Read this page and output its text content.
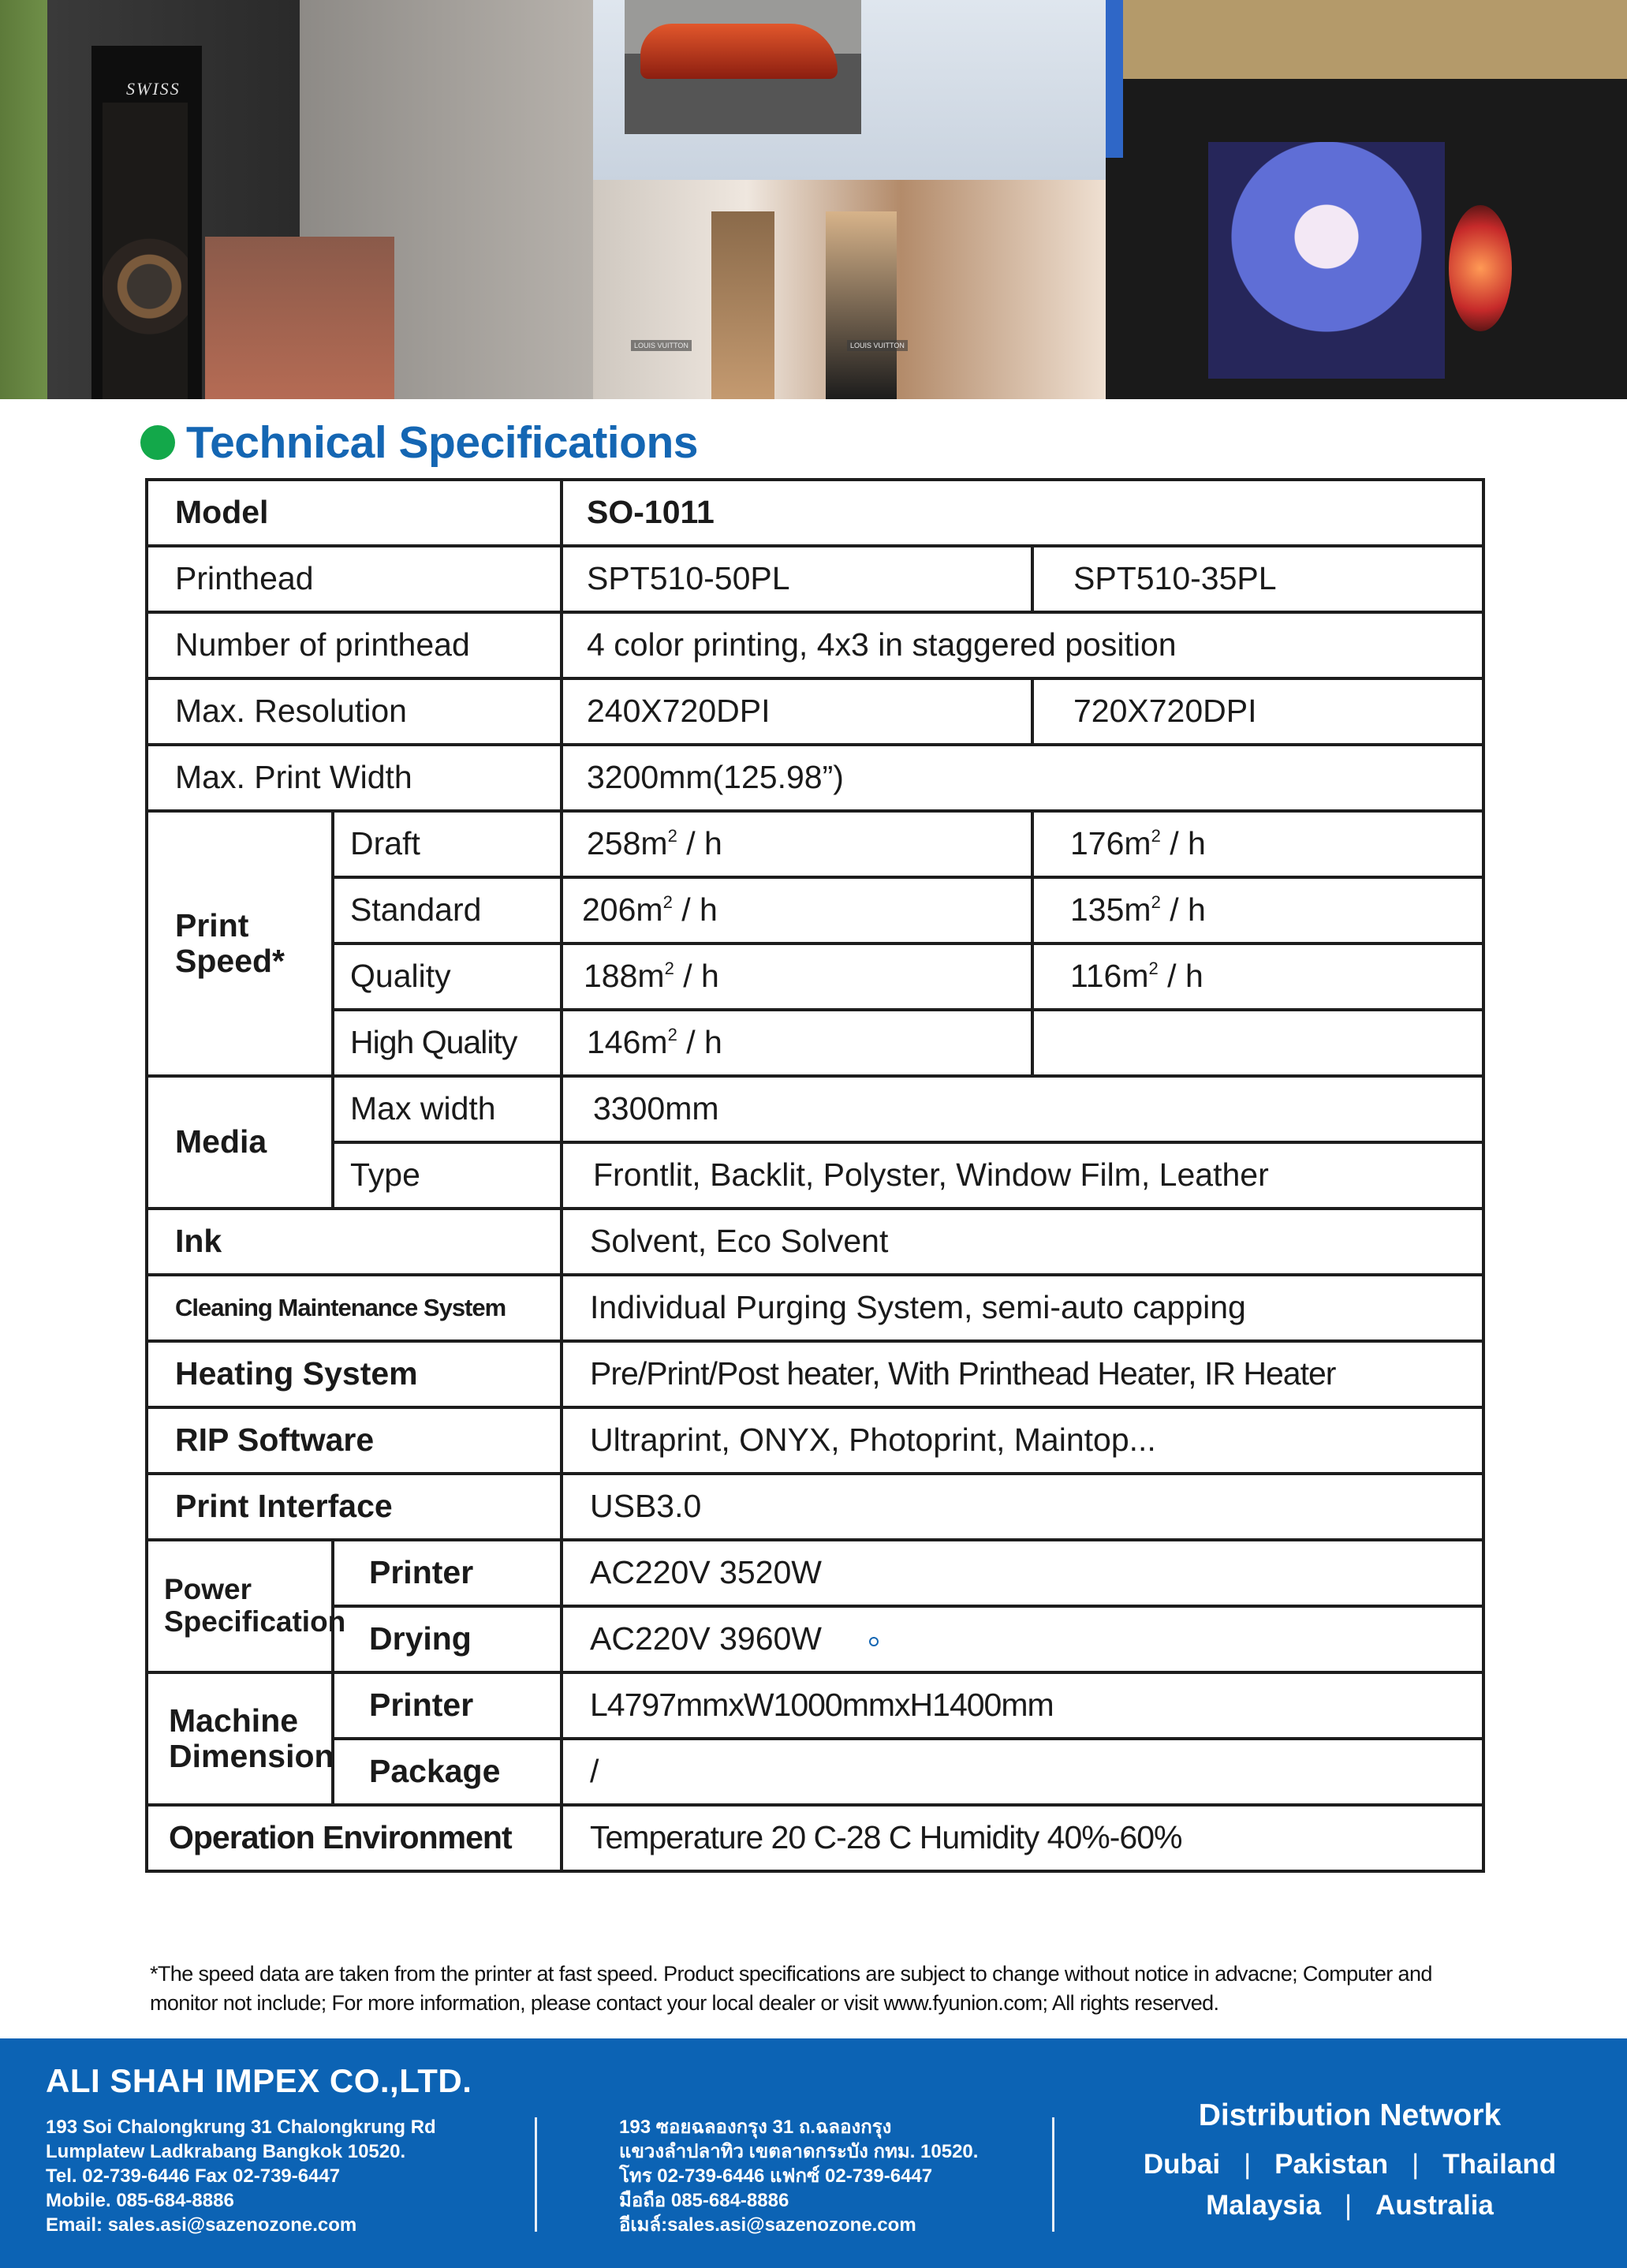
SWISS
LOUIS VUITTON	LOUIS VUITTON
Technical Specifications
Model		SO-1011	
Printhead		SPT510-50PL	SPT510-35PL
Number of printhead		4 color printing, 4x3 in staggered position	
Max. Resolution		240X720DPI	720X720DPI
Max. Print Width		3200mm(125.98”)	
Print
Speed*	Draft	$258m^2$ / h	$176m^2$ / h
	Standard	$206m^2$ / h	$135m^2$ / h
	Quality	$188m^2$ / h	$116m^2$ / h
	High Quality	$146m^2$ / h	
Media	Max width	3300mm	
	Type	Frontlit, Backlit, Polyster, Window Film, Leather	
Ink		Solvent, Eco Solvent	
Cleaning Maintenance System		Individual Purging System, semi-auto capping	
Heating System		Pre/Print/Post heater, With Printhead Heater, IR Heater	
RIP Software		Ultraprint, ONYX, Photoprint, Maintop...	
Print Interface		USB3.0	
Power
Specification	Printer	AC220V 3520W	
	Drying	AC220V 3960W	
Machine
Dimension	Printer	L4797mmxW1000mmxH1400mm	
	Package	/	
Operation Environment		Temperature 20 C-28 C Humidity 40%-60%	
*The speed data are taken from the printer at fast speed. Product specifications are subject to change without notice in advacne; Computer and monitor not include; For more information, please contact your local dealer or visit www.fyunion.com; All rights reserved.
ALI SHAH IMPEX CO.,LTD.
193 Soi Chalongkrung 31 Chalongkrung Rd
Lumplatew Ladkrabang Bangkok 10520.
Tel. 02-739-6446 Fax 02-739-6447
Mobile. 085-684-8886
Email: sales.asi@sazenozone.com
193 ซอยฉลองกรุง 31 ถ.ฉลองกรุง
แขวงลำปลาทิว เขตลาดกระบัง กทม. 10520.
โทร 02-739-6446 แฟกซ์ 02-739-6447
มือถือ 085-684-8886
อีเมล์:sales.asi@sazenozone.com
Distribution Network
Dubai | Pakistan | Thailand
Malaysia | Australia
